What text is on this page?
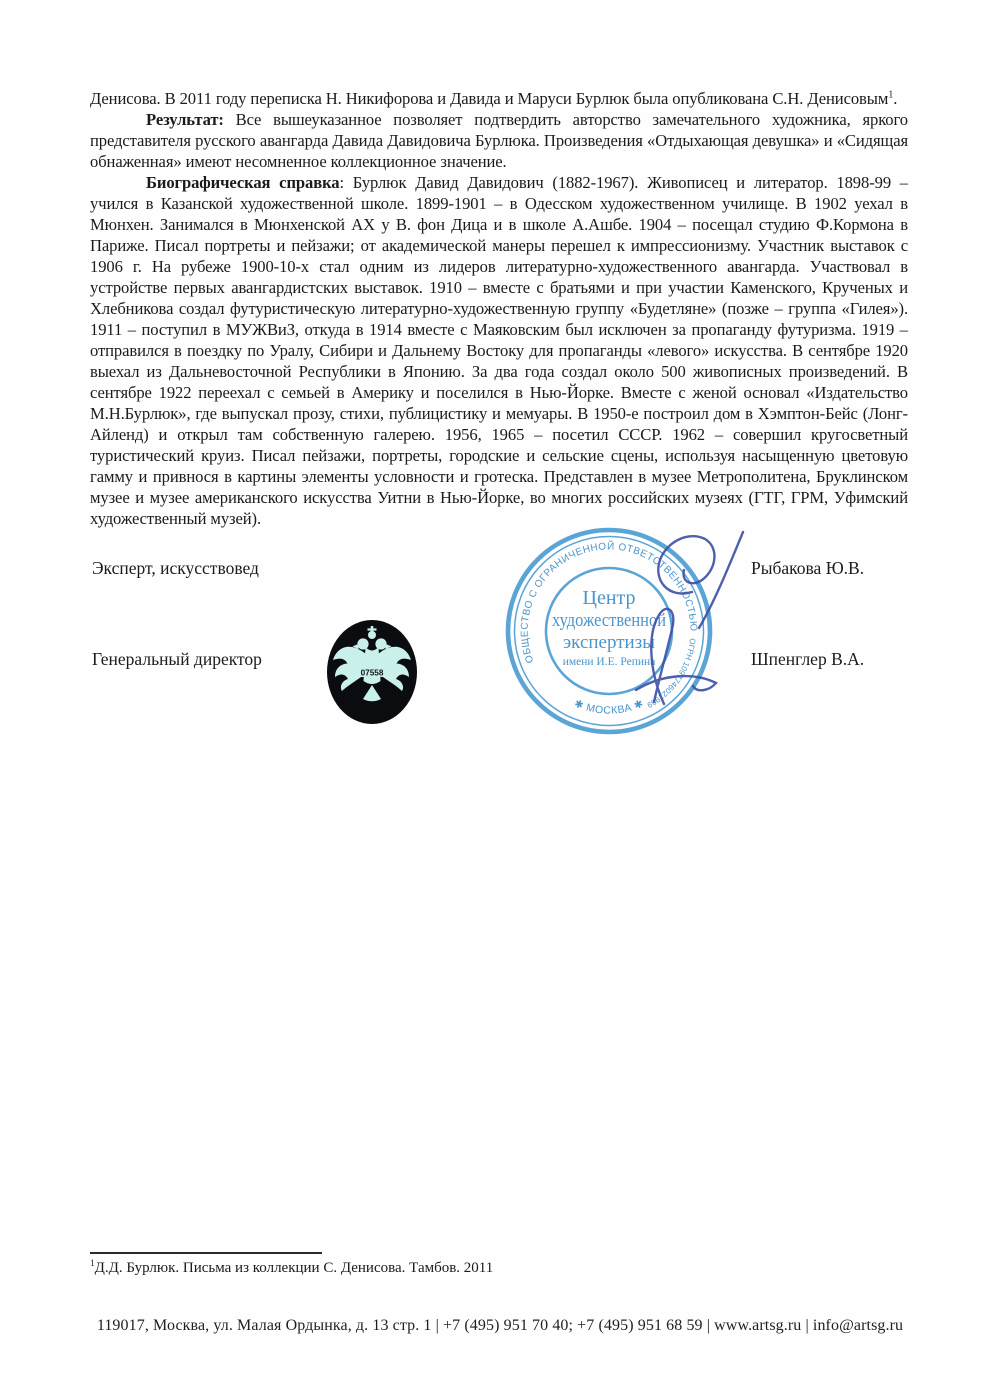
Денисова. В 2011 году переписка Н. Никифорова и Давида и Маруси Бурлюк была опубликована С.Н. Денисовым$^1$.

Результат: Все вышеуказанное позволяет подтвердить авторство замечательного художника, яркого представителя русского авангарда Давида Давидовича Бурлюка. Произведения «Отдыхающая девушка» и «Сидящая обнаженная» имеют несомненное коллекционное значение.

Биографическая справка: Бурлюк Давид Давидович (1882-1967). Живописец и литератор. 1898-99 – учился в Казанской художественной школе. 1899-1901 – в Одесском художественном училище. В 1902 уехал в Мюнхен. Занимался в Мюнхенской АХ у В. фон Дица и в школе А.Ашбе. 1904 – посещал студию Ф.Кормона в Париже. Писал портреты и пейзажи; от академической манеры перешел к импрессионизму. Участник выставок с 1906 г. На рубеже 1900-10-х стал одним из лидеров литературно-художественного авангарда. Участвовал в устройстве первых авангардистских выставок. 1910 – вместе с братьями и при участии Каменского, Крученых и Хлебникова создал футуристическую литературно-художественную группу «Будетляне» (позже – группа «Гилея»). 1911 – поступил в МУЖВиЗ, откуда в 1914 вместе с Маяковским был исключен за пропаганду футуризма. 1919 – отправился в поездку по Уралу, Сибири и Дальнему Востоку для пропаганды «левого» искусства. В сентябре 1920 выехал из Дальневосточной Республики в Японию. За два года создал около 500 живописных произведений. В сентябре 1922 переехал с семьей в Америку и поселился в Нью-Йорке. Вместе с женой основал «Издательство М.Н.Бурлюк», где выпускал прозу, стихи, публицистику и мемуары. В 1950-е построил дом в Хэмптон-Бейс (Лонг-Айленд) и открыл там собственную галерею. 1956, 1965 – посетил СССР. 1962 – совершил кругосветный туристический круиз. Писал пейзажи, портреты, городские и сельские сцены, используя насыщенную цветовую гамму и привнося в картины элементы условности и гротеска. Представлен в музее Метрополитена, Бруклинском музее и музее американского искусства Уитни в Нью-Йорке, во многих российских музеях (ГТГ, ГРМ, Уфимский художественный музей).

Эксперт, искусствовед	Рыбакова Ю.В.
Генеральный директор	Шпенглер В.А.
07558
ОБЩЕСТВО С ОГРАНИЧЕННОЙ ОТВЕТСТВЕННОСТЬЮ
ОГРН 1097746021969
✱ МОСКВА ✱
Центр
художественной
экспертизы
имени И.Е. Репина
$^1$Д.Д. Бурлюк. Письма из коллекции С. Денисова. Тамбов. 2011
119017, Москва, ул. Малая Ордынка, д. 13 стр. 1 | +7 (495) 951 70 40; +7 (495) 951 68 59 | www.artsg.ru | info@artsg.ru
